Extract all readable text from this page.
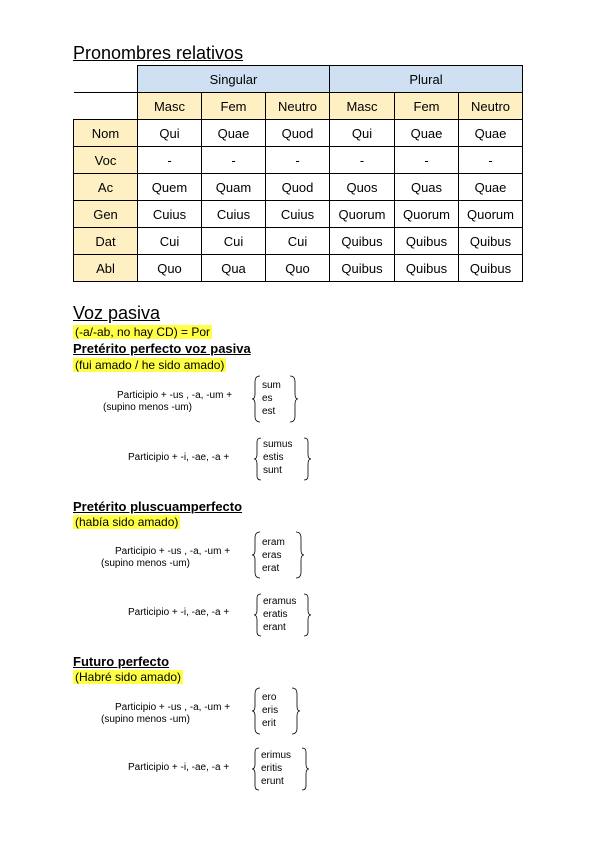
Pronombres relativos
	Singular			Plural		
	Masc	Fem	Neutro	Masc	Fem	Neutro
Nom	Qui	Quae	Quod	Qui	Quae	Quae
Voc	-	-	-	-	-	-
Ac	Quem	Quam	Quod	Quos	Quas	Quae
Gen	Cuius	Cuius	Cuius	Quorum	Quorum	Quorum
Dat	Cui	Cui	Cui	Quibus	Quibus	Quibus
Abl	Quo	Qua	Quo	Quibus	Quibus	Quibus
Voz pasiva
(-a/-ab, no hay CD) = Por
Pretérito perfecto voz pasiva
(fui amado / he sido amado)
Participio + -us , -a, -um +
(supino menos -um)
sum
es
est
Participio + -i, -ae, -a +
sumus
estis
sunt
Pretérito pluscuamperfecto
(había sido amado)
Participio + -us , -a, -um +
(supino menos -um)
eram
eras
erat
Participio + -i, -ae, -a +
eramus
eratis
erant
Futuro perfecto
(Habré sido amado)
Participio + -us , -a, -um +
(supino menos -um)
ero
eris
erit
Participio + -i, -ae, -a +
erimus
eritis
erunt
